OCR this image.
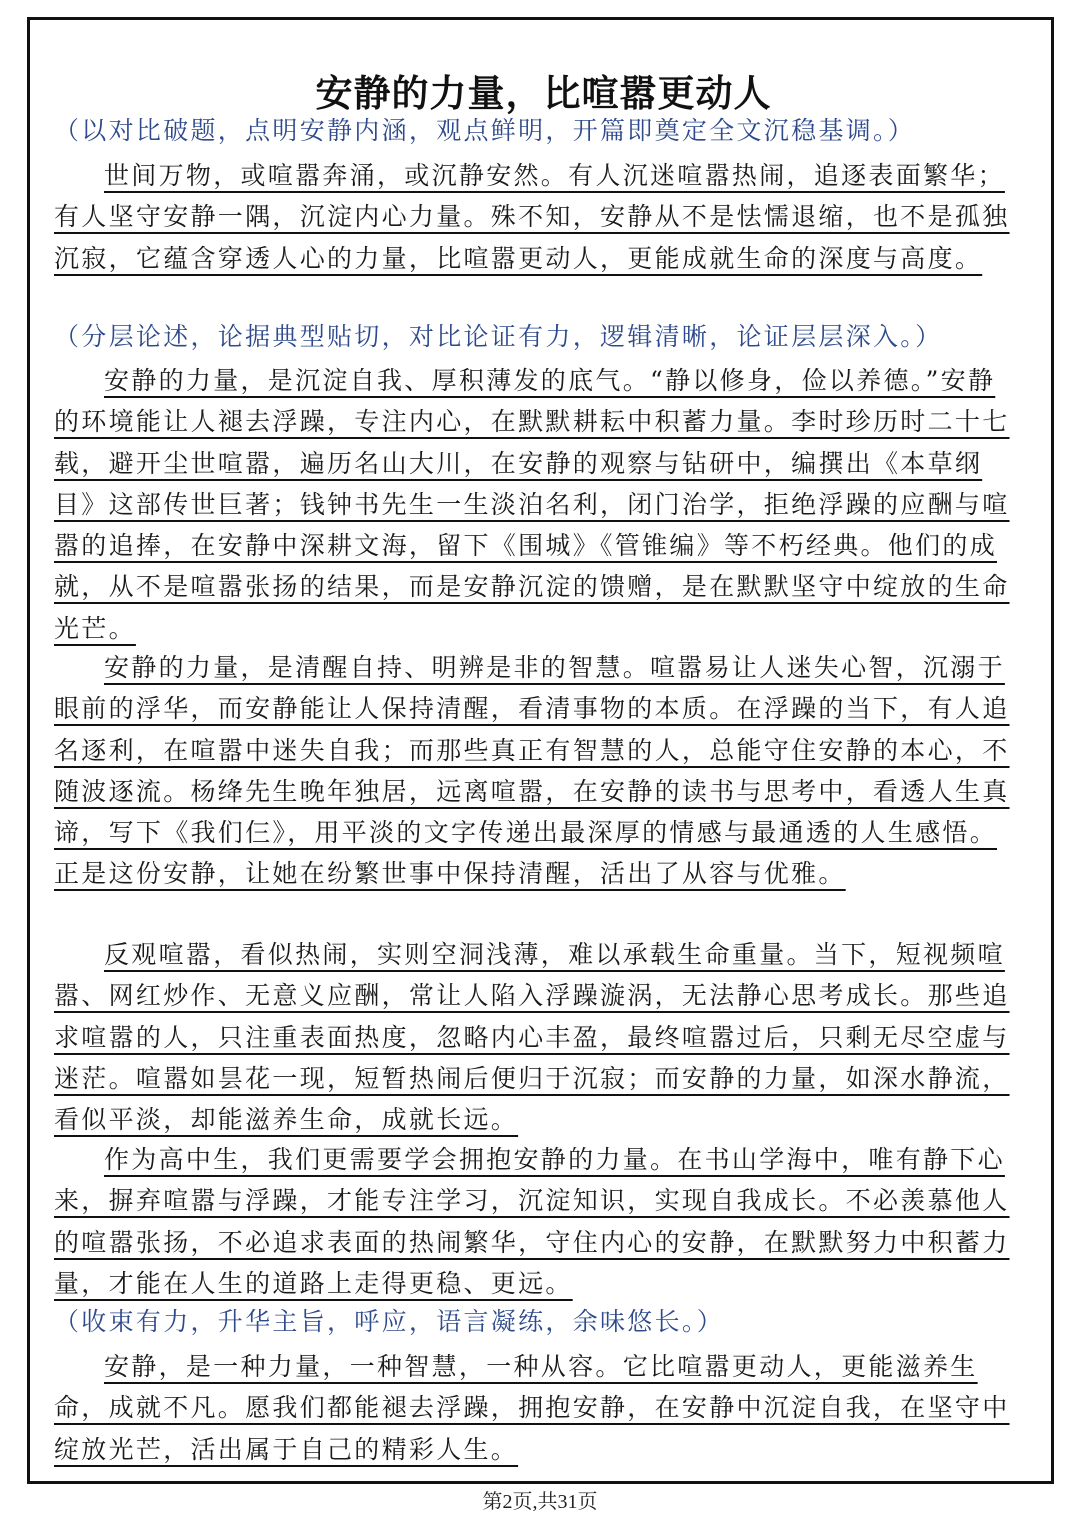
安静的力量，比喧嚣更动人
（以对比破题，点明安静内涵，观点鲜明，开篇即奠定全文沉稳基调。）
世间万物，或喧嚣奔涌，或沉静安然。有人沉迷喧嚣热闹，追逐表面繁华；有人坚守安静一隅，沉淀内心力量。殊不知，安静从不是怯懦退缩，也不是孤独沉寂，它蕴含穿透人心的力量，比喧嚣更动人，更能成就生命的深度与高度。
（分层论述，论据典型贴切，对比论证有力，逻辑清晰，论证层层深入。）
安静的力量，是沉淀自我、厚积薄发的底气。“静以修身，俭以养德。”安静的环境能让人褪去浮躁，专注内心，在默默耕耘中积蓄力量。李时珍历时二十七载，避开尘世喧嚣，遍历名山大川，在安静的观察与钻研中，编撰出《本草纲目》这部传世巨著；钱钟书先生一生淡泊名利，闭门治学，拒绝浮躁的应酬与喧嚣的追捧，在安静中深耕文海，留下《围城》《管锥编》等不朽经典。他们的成就，从不是喧嚣张扬的结果，而是安静沉淀的馈赠，是在默默坚守中绽放的生命光芒。
安静的力量，是清醒自持、明辨是非的智慧。喧嚣易让人迷失心智，沉溺于眼前的浮华，而安静能让人保持清醒，看清事物的本质。在浮躁的当下，有人追名逐利，在喧嚣中迷失自我；而那些真正有智慧的人，总能守住安静的本心，不随波逐流。杨绛先生晚年独居，远离喧嚣，在安静的读书与思考中，看透人生真谛，写下《我们仨》，用平淡的文字传递出最深厚的情感与最通透的人生感悟。正是这份安静，让她在纷繁世事中保持清醒，活出了从容与优雅。
反观喧嚣，看似热闹，实则空洞浅薄，难以承载生命重量。当下，短视频喧嚣、网红炒作、无意义应酬，常让人陷入浮躁漩涡，无法静心思考成长。那些追求喧嚣的人，只注重表面热度，忽略内心丰盈，最终喧嚣过后，只剩无尽空虚与迷茫。喧嚣如昙花一现，短暂热闹后便归于沉寂；而安静的力量，如深水静流，看似平淡，却能滋养生命，成就长远。
作为高中生，我们更需要学会拥抱安静的力量。在书山学海中，唯有静下心来，摒弃喧嚣与浮躁，才能专注学习，沉淀知识，实现自我成长。不必羡慕他人的喧嚣张扬，不必追求表面的热闹繁华，守住内心的安静，在默默努力中积蓄力量，才能在人生的道路上走得更稳、更远。
（收束有力，升华主旨，呼应，语言凝练，余味悠长。）
安静，是一种力量，一种智慧，一种从容。它比喧嚣更动人，更能滋养生命，成就不凡。愿我们都能褪去浮躁，拥抱安静，在安静中沉淀自我，在坚守中绽放光芒，活出属于自己的精彩人生。
第2页,共31页
